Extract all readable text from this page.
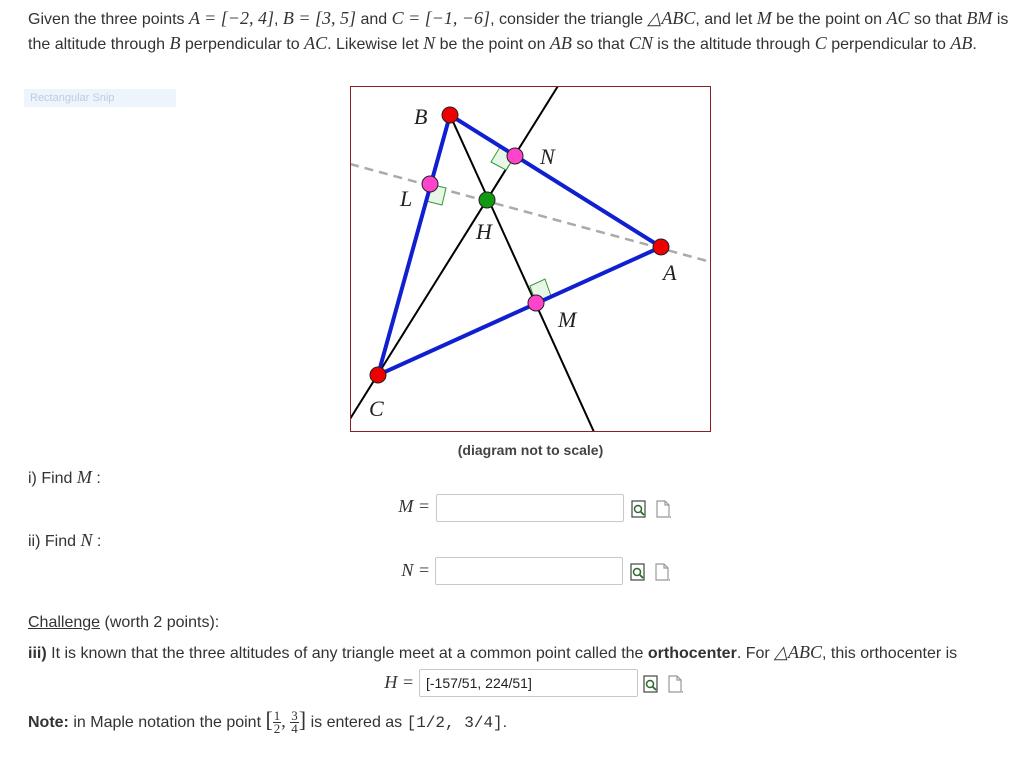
Given the three points A = [−2, 4], B = [3, 5] and C = [−1, −6], consider the triangle △ABC, and let M be the point on AC so that BM is the altitude through B perpendicular to AC. Likewise let N be the point on AB so that CN is the altitude through C perpendicular to AB.
Rectangular Snip
B
N
L
H
A
M
C
(diagram not to scale)
i) Find M :
M =
ii) Find N :
N =
Challenge (worth 2 points):
iii) It is known that the three altitudes of any triangle meet at a common point called the orthocenter. For △ABC, this orthocenter is
H =
[-157/51, 224/51]
Note: in Maple notation the point [ $\frac{1}{2}$ , $\frac{3}{4}$ ] is entered as [1/2, 3/4].
